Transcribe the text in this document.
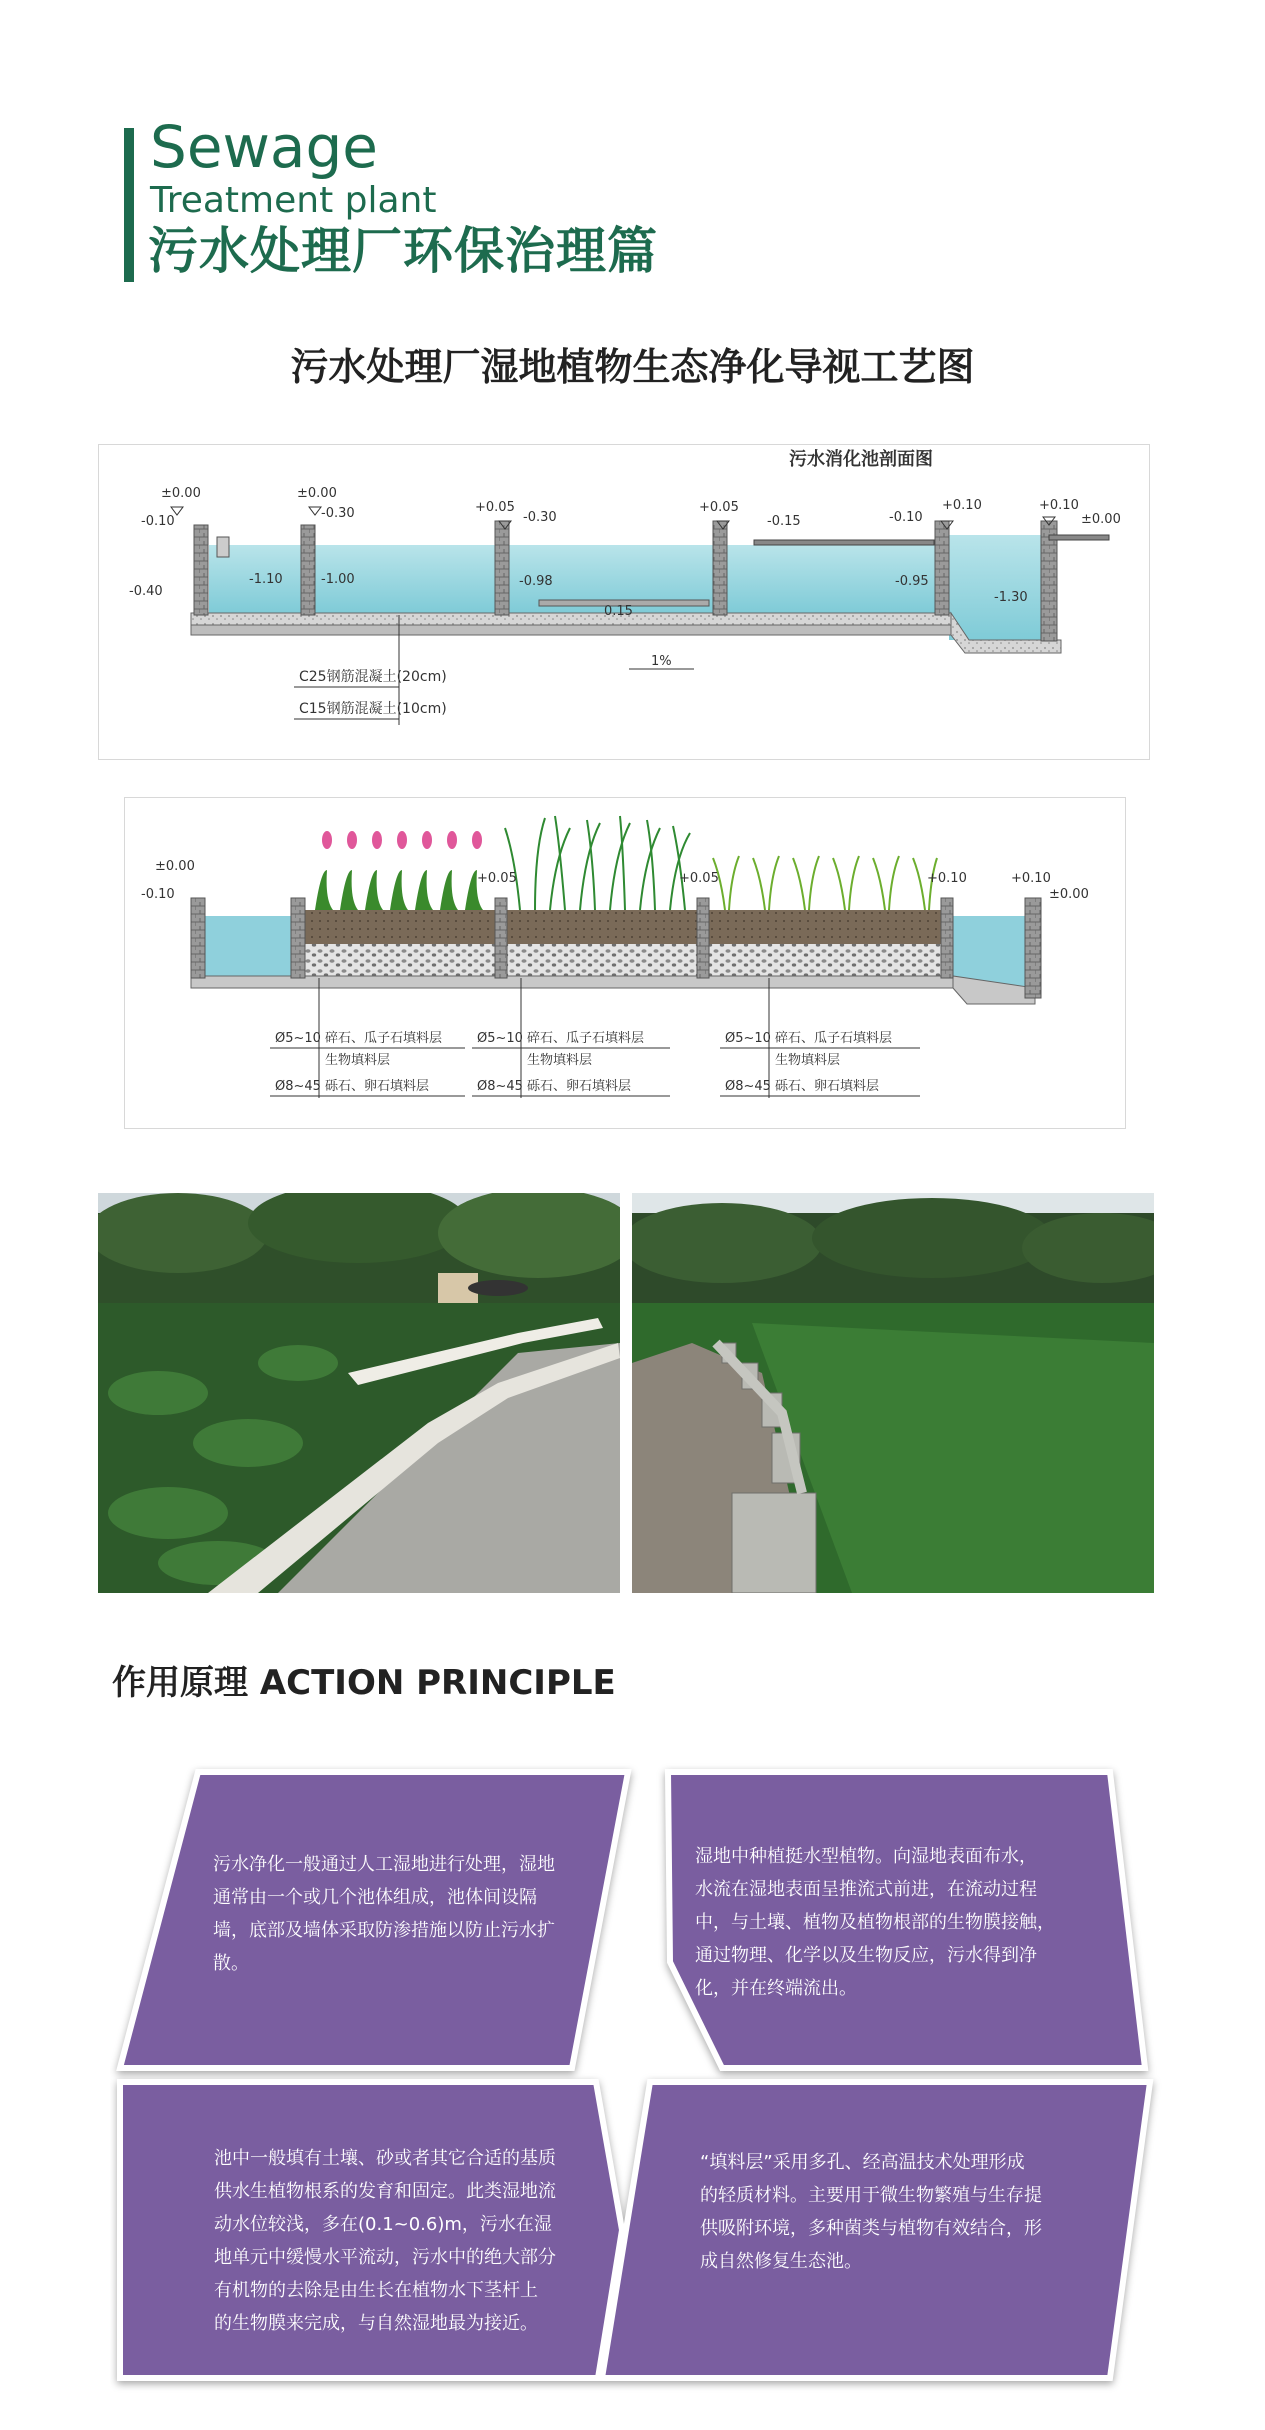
Sewage
Treatment plant
污水处理厂环保治理篇
污水处理厂湿地植物生态净化导视工艺图
污水消化池剖面图
±0.00
-0.10
-0.40
±0.00
-0.30
-1.10	-1.00
+0.05
-0.30
-0.98
0.15
+0.05
-0.15	-0.10
+0.10
-0.95
+0.10
±0.00
-1.30
1%
C25钢筋混凝土(20cm)
C15钢筋混凝土(10cm)
±0.00
-0.10
+0.05	+0.05	+0.10	+0.10
±0.00
Ø5~10 碎石、瓜子石填料层
生物填料层
Ø8~45 砾石、卵石填料层
Ø5~10 碎石、瓜子石填料层
生物填料层
Ø8~45 砾石、卵石填料层
Ø5~10 碎石、瓜子石填料层
生物填料层
Ø8~45 砾石、卵石填料层
作用原理 ACTION PRINCIPLE
污水净化一般通过人工湿地进行处理，湿地
通常由一个或几个池体组成，池体间设隔
墙，底部及墙体采取防渗措施以防止污水扩
散。
湿地中种植挺水型植物。向湿地表面布水，
水流在湿地表面呈推流式前进，在流动过程
中，与土壤、植物及植物根部的生物膜接触，
通过物理、化学以及生物反应，污水得到净
化，并在终端流出。
池中一般填有土壤、砂或者其它合适的基质
供水生植物根系的发育和固定。此类湿地流
动水位较浅，多在(0.1~0.6)m，污水在湿
地单元中缓慢水平流动，污水中的绝大部分
有机物的去除是由生长在植物水下茎杆上
的生物膜来完成，与自然湿地最为接近。
“填料层”采用多孔、经高温技术处理形成
的轻质材料。主要用于微生物繁殖与生存提
供吸附环境，多种菌类与植物有效结合，形
成自然修复生态池。
